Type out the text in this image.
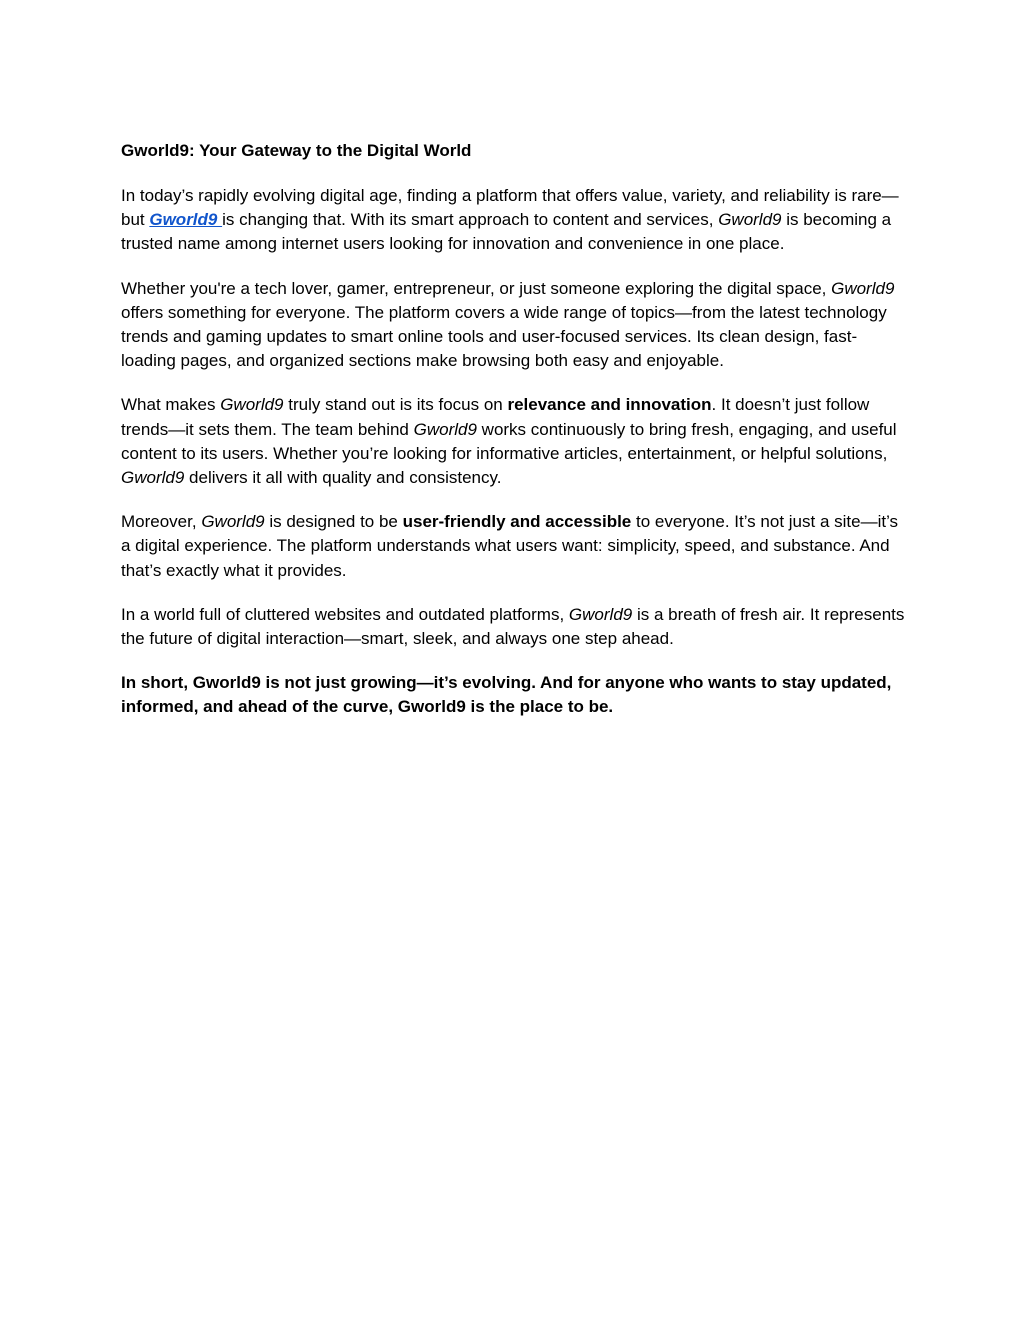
Gworld9: Your Gateway to the Digital World

In today’s rapidly evolving digital age, finding a platform that offers value, variety, and reliability is rare—but Gworld9 is changing that. With its smart approach to content and services, Gworld9 is becoming a trusted name among internet users looking for innovation and convenience in one place.

Whether you're a tech lover, gamer, entrepreneur, or just someone exploring the digital space, Gworld9 offers something for everyone. The platform covers a wide range of topics—from the latest technology trends and gaming updates to smart online tools and user-focused services. Its clean design, fast-loading pages, and organized sections make browsing both easy and enjoyable.

What makes Gworld9 truly stand out is its focus on relevance and innovation. It doesn’t just follow trends—it sets them. The team behind Gworld9 works continuously to bring fresh, engaging, and useful content to its users. Whether you’re looking for informative articles, entertainment, or helpful solutions, Gworld9 delivers it all with quality and consistency.

Moreover, Gworld9 is designed to be user-friendly and accessible to everyone. It’s not just a site—it’s a digital experience. The platform understands what users want: simplicity, speed, and substance. And that’s exactly what it provides.

In a world full of cluttered websites and outdated platforms, Gworld9 is a breath of fresh air. It represents the future of digital interaction—smart, sleek, and always one step ahead.

In short, Gworld9 is not just growing—it’s evolving. And for anyone who wants to stay updated, informed, and ahead of the curve, Gworld9 is the place to be.
